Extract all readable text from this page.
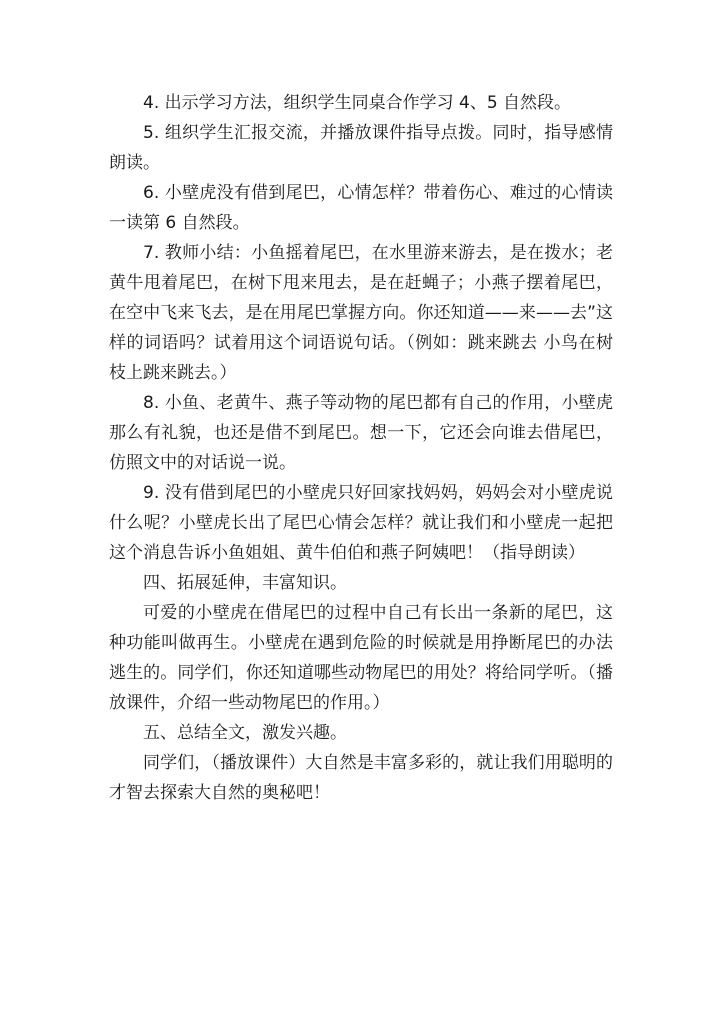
4. 出示学习方法，组织学生同桌合作学习 4、5 自然段。

5. 组织学生汇报交流，并播放课件指导点拨。同时，指导感情朗读。

6. 小壁虎没有借到尾巴，心情怎样？带着伤心、难过的心情读一读第 6 自然段。

7. 教师小结：小鱼摇着尾巴，在水里游来游去，是在拨水；老黄牛甩着尾巴，在树下甩来甩去，是在赶蝇子；小燕子摆着尾巴，在空中飞来飞去，是在用尾巴掌握方向。你还知道——来——去”这样的词语吗？试着用这个词语说句话。（例如：跳来跳去 小鸟在树枝上跳来跳去。）

8. 小鱼、老黄牛、燕子等动物的尾巴都有自己的作用，小壁虎那么有礼貌，也还是借不到尾巴。想一下，它还会向谁去借尾巴，仿照文中的对话说一说。

9. 没有借到尾巴的小壁虎只好回家找妈妈，妈妈会对小壁虎说什么呢？小壁虎长出了尾巴心情会怎样？就让我们和小壁虎一起把这个消息告诉小鱼姐姐、黄牛伯伯和燕子阿姨吧！（指导朗读）

四、拓展延伸，丰富知识。

可爱的小壁虎在借尾巴的过程中自己有长出一条新的尾巴，这种功能叫做再生。小壁虎在遇到危险的时候就是用挣断尾巴的办法逃生的。同学们，你还知道哪些动物尾巴的用处？将给同学听。（播放课件，介绍一些动物尾巴的作用。）

五、总结全文，激发兴趣。

同学们，（播放课件）大自然是丰富多彩的，就让我们用聪明的才智去探索大自然的奥秘吧！
